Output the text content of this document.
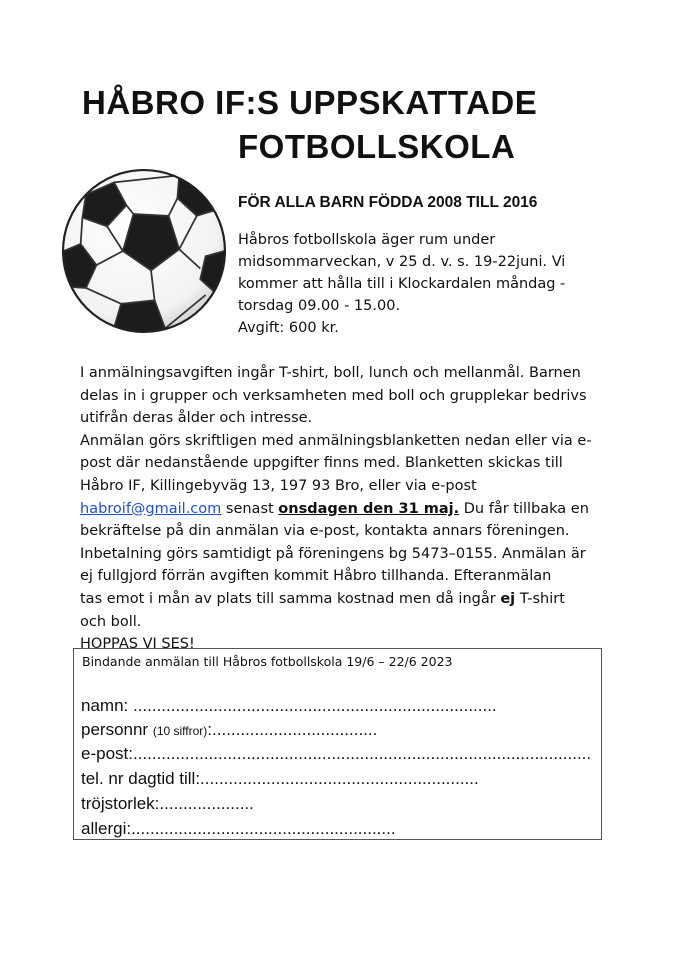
HÅBRO IF:S UPPSKATTADE
FOTBOLLSKOLA
FÖR ALLA BARN FÖDDA 2008 TILL 2016
Håbros fotbollskola äger rum under
midsommarveckan, v 25 d. v. s. 19-22juni. Vi
kommer att hålla till i Klockardalen måndag -
torsdag 09.00 - 15.00.
Avgift: 600 kr.
I anmälningsavgiften ingår T-shirt, boll, lunch och mellanmål. Barnen
delas in i grupper och verksamheten med boll och grupplekar bedrivs
utifrån deras ålder och intresse.
Anmälan görs skriftligen med anmälningsblanketten nedan eller via e-
post där nedanstående uppgifter finns med. Blanketten skickas till
Håbro IF, Killingebyväg 13, 197 93 Bro, eller via e-post
habroif@gmail.com senast onsdagen den 31 maj. Du får tillbaka en
bekräftelse på din anmälan via e-post, kontakta annars föreningen.
Inbetalning görs samtidigt på föreningens bg 5473–0155. Anmälan är
ej fullgjord förrän avgiften kommit Håbro tillhanda. Efteranmälan
tas emot i mån av plats till samma kostnad men då ingår ej T-shirt
och boll.
HOPPAS VI SES!
Bindande anmälan till Håbros fotbollskola 19/6 – 22/6 2023
namn: .............................................................................
personnr (10 siffror):...................................
e-post:.................................................................................................
tel. nr dagtid till:...........................................................
tröjstorlek:....................
allergi:........................................................
